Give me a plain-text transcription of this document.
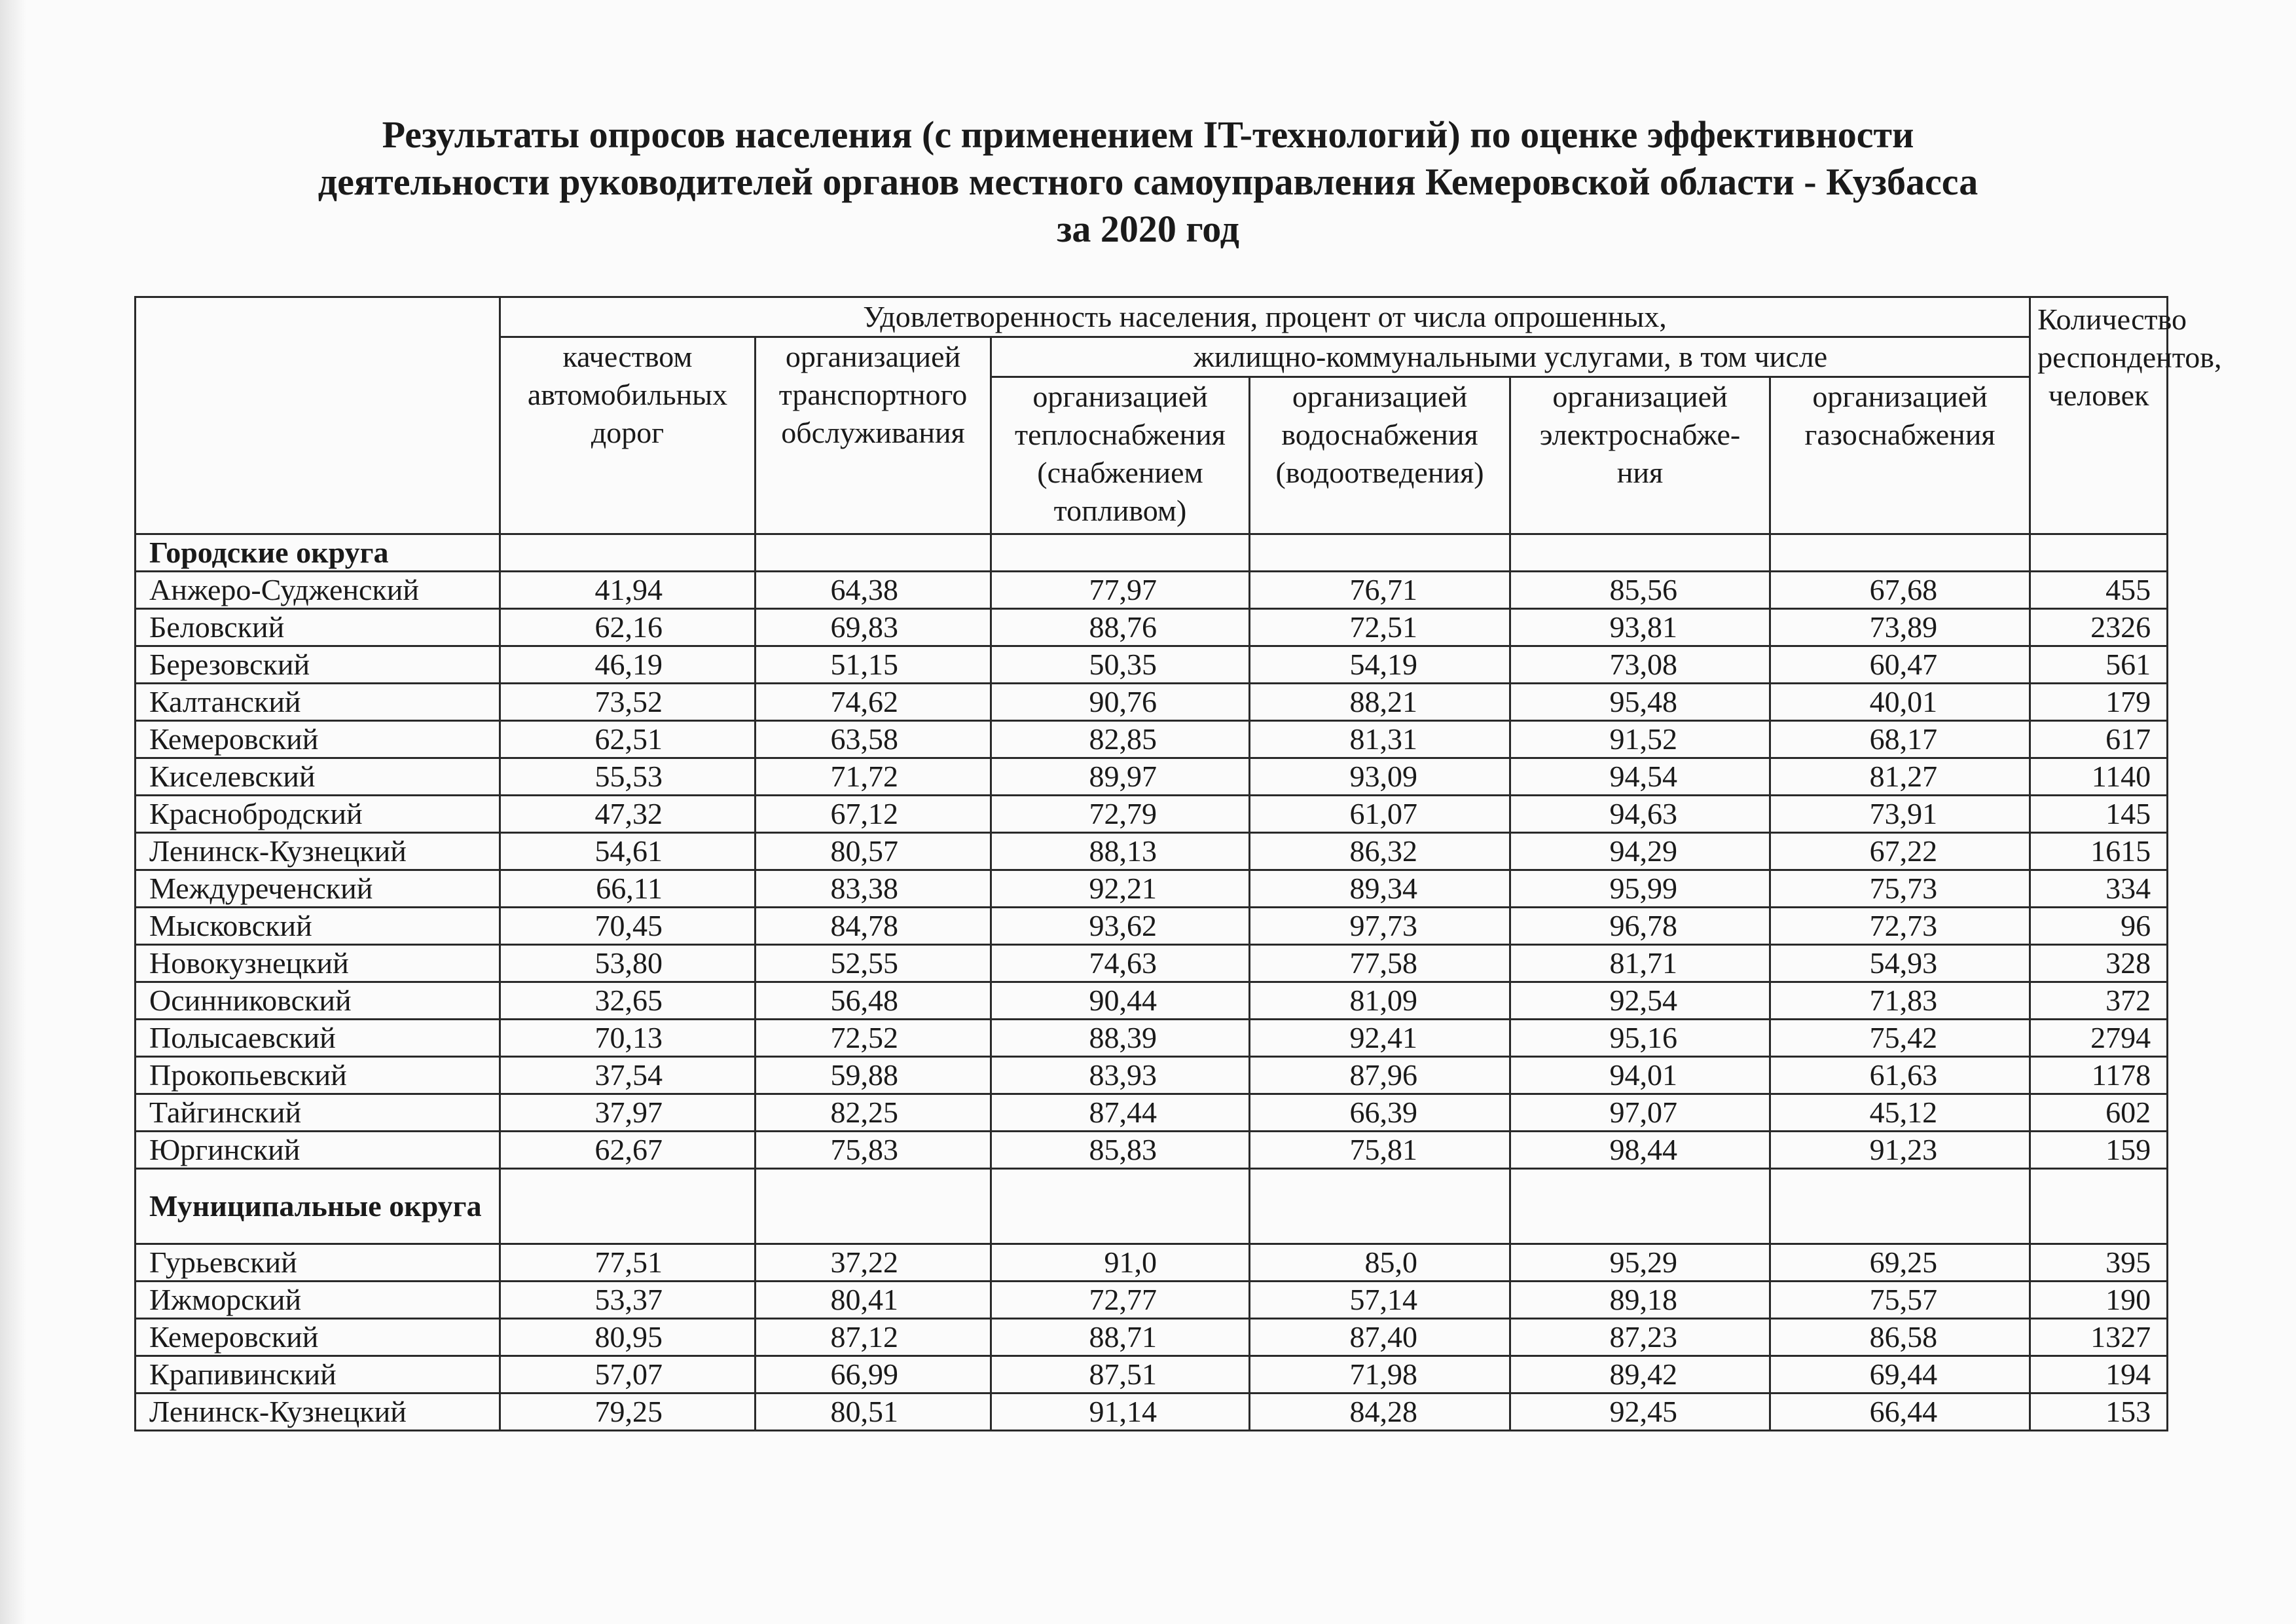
Результаты опросов населения (с применением IT-технологий) по оценке эффективности
деятельности руководителей органов местного самоуправления Кемеровской области - Кузбасса
за 2020 год
	Удовлетворенность населения, процент от числа опрошенных,						Количество респондентов, человек
	качеством автомобильных дорог	организацией транспортного обслуживания	жилищно-коммунальными услугами, в том числе				
			организацией теплоснабжения (снабжением топливом)	организацией водоснабжения (водоотведения)	организацией электроснабже-ния	организацией газоснабжения	
Городские округа							
Анжеро-Судженский	41,94	64,38	77,97	76,71	85,56	67,68	455
Беловский	62,16	69,83	88,76	72,51	93,81	73,89	2326
Березовский	46,19	51,15	50,35	54,19	73,08	60,47	561
Калтанский	73,52	74,62	90,76	88,21	95,48	40,01	179
Кемеровский	62,51	63,58	82,85	81,31	91,52	68,17	617
Киселевский	55,53	71,72	89,97	93,09	94,54	81,27	1140
Краснобродский	47,32	67,12	72,79	61,07	94,63	73,91	145
Ленинск-Кузнецкий	54,61	80,57	88,13	86,32	94,29	67,22	1615
Междуреченский	66,11	83,38	92,21	89,34	95,99	75,73	334
Мысковский	70,45	84,78	93,62	97,73	96,78	72,73	96
Новокузнецкий	53,80	52,55	74,63	77,58	81,71	54,93	328
Осинниковский	32,65	56,48	90,44	81,09	92,54	71,83	372
Полысаевский	70,13	72,52	88,39	92,41	95,16	75,42	2794
Прокопьевский	37,54	59,88	83,93	87,96	94,01	61,63	1178
Тайгинский	37,97	82,25	87,44	66,39	97,07	45,12	602
Юргинский	62,67	75,83	85,83	75,81	98,44	91,23	159
Муниципальные округа							
Гурьевский	77,51	37,22	91,0	85,0	95,29	69,25	395
Ижморский	53,37	80,41	72,77	57,14	89,18	75,57	190
Кемеровский	80,95	87,12	88,71	87,40	87,23	86,58	1327
Крапивинский	57,07	66,99	87,51	71,98	89,42	69,44	194
Ленинск-Кузнецкий	79,25	80,51	91,14	84,28	92,45	66,44	153
